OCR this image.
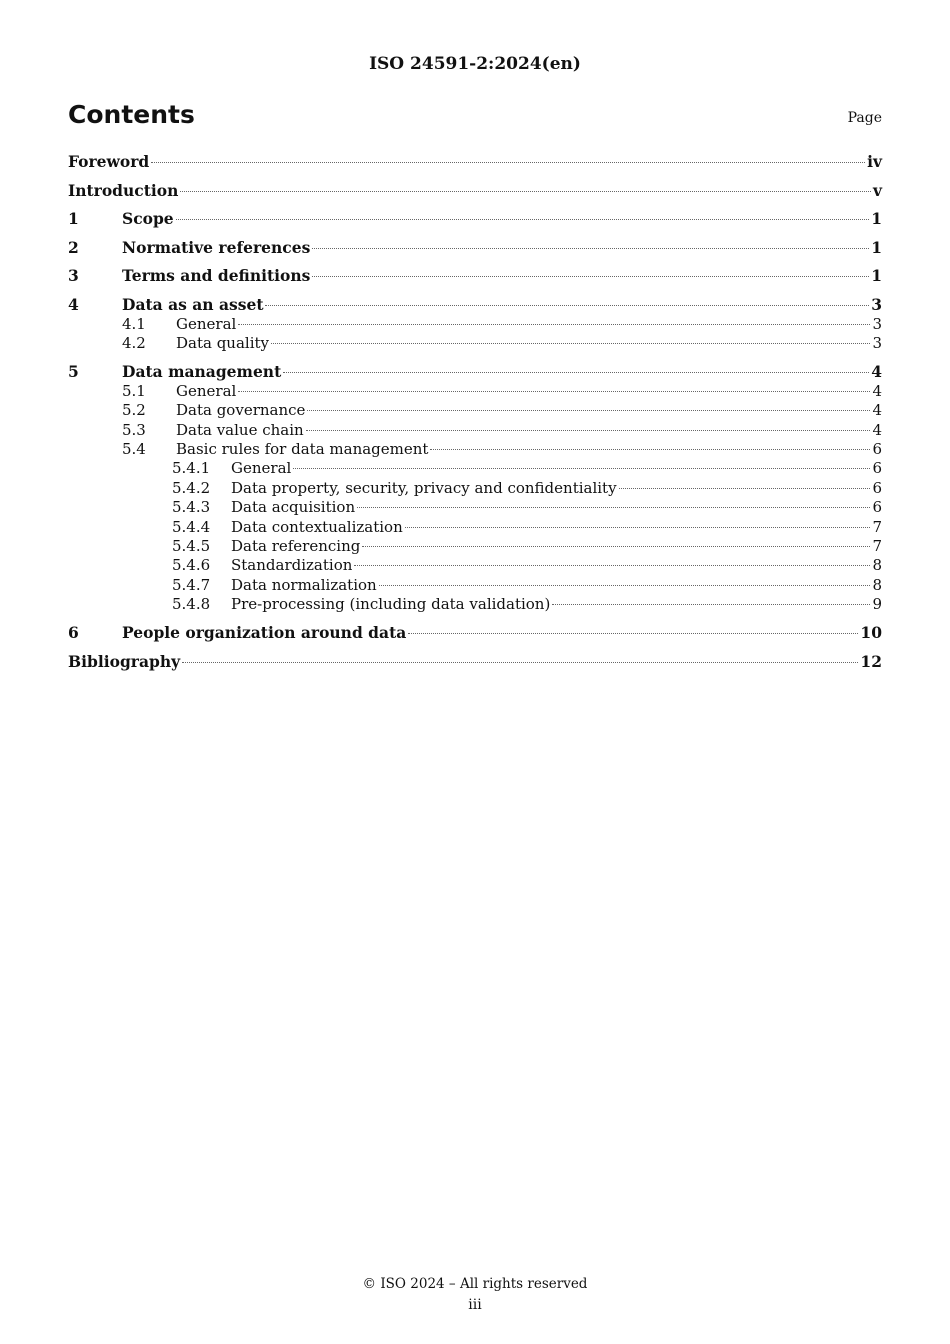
ISO 24591-2:2024(en)
Contents	Page
Foreword	iv
Introduction	v
1	Scope	1
2	Normative references	1
3	Terms and definitions	1
4	Data as an asset	3
4.1	General	3
4.2	Data quality	3
5	Data management	4
5.1	General	4
5.2	Data governance	4
5.3	Data value chain	4
5.4	Basic rules for data management	6
5.4.1	General	6
5.4.2	Data property, security, privacy and confidentiality	6
5.4.3	Data acquisition	6
5.4.4	Data contextualization	7
5.4.5	Data referencing	7
5.4.6	Standardization	8
5.4.7	Data normalization	8
5.4.8	Pre-processing (including data validation)	9
6	People organization around data	10
Bibliography	12
© ISO 2024 – All rights reserved
iii
